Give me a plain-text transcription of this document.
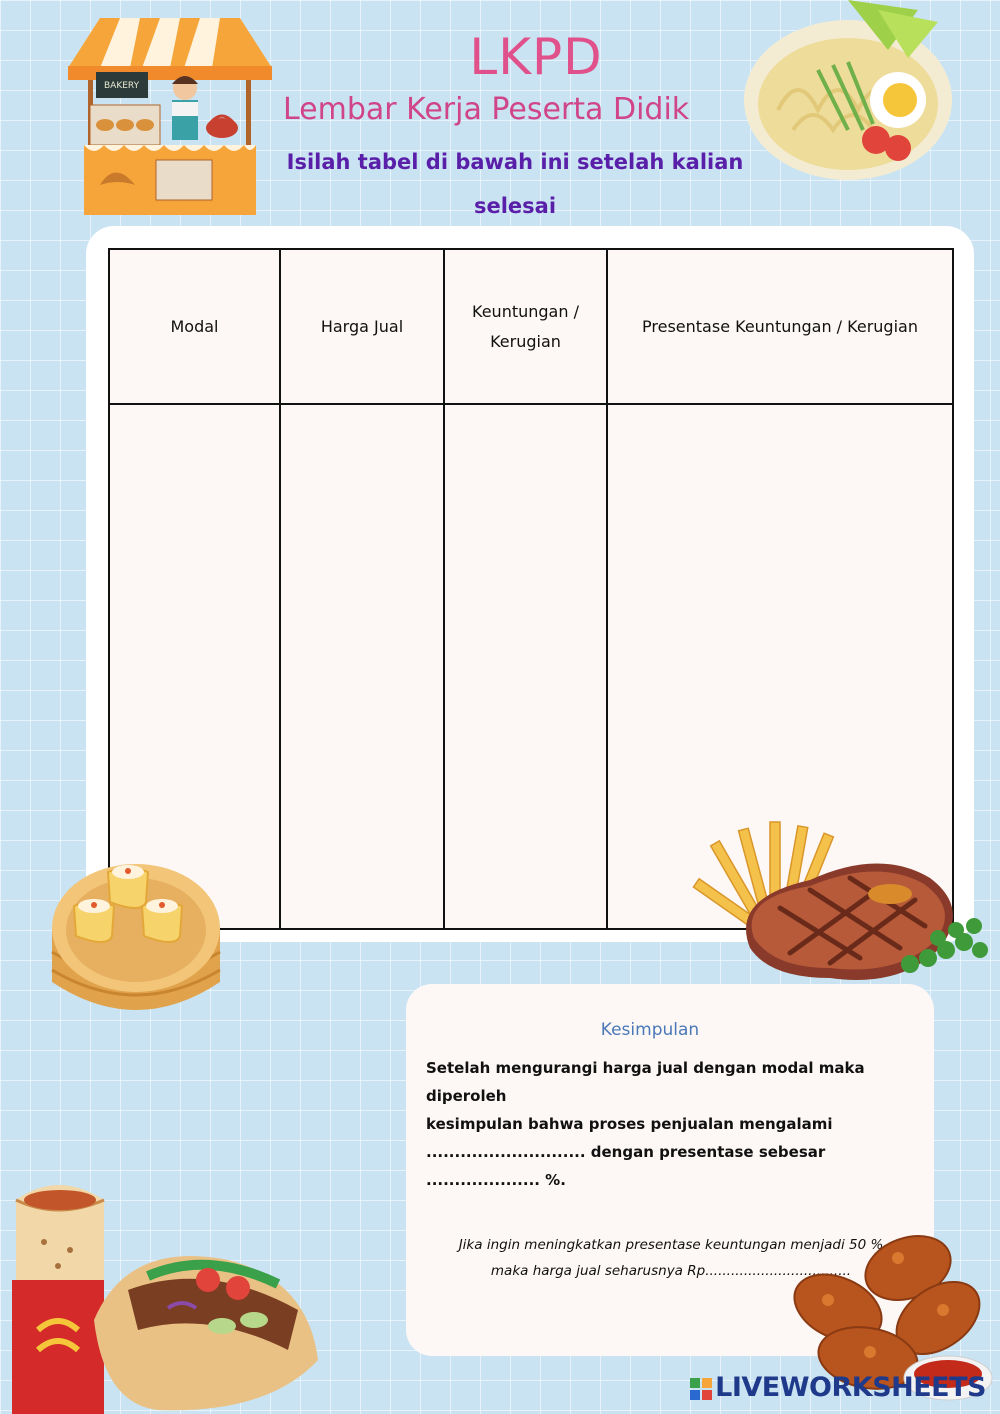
LKPD
Lembar Kerja Peserta Didik
Isilah tabel di bawah ini setelah kalian selesai
BAKERY
Modal	Harga Jual	Keuntungan / Kerugian	Presentase Keuntungan / Kerugian

Kesimpulan
Setelah mengurangi harga jual dengan modal maka diperoleh
kesimpulan bahwa proses penjualan mengalami
............................ dengan presentase sebesar .................... %.
Jika ingin meningkatkan presentase keuntungan menjadi 50 %
maka harga jual seharusnya Rp..................................
LIVEWORKSHEETS
